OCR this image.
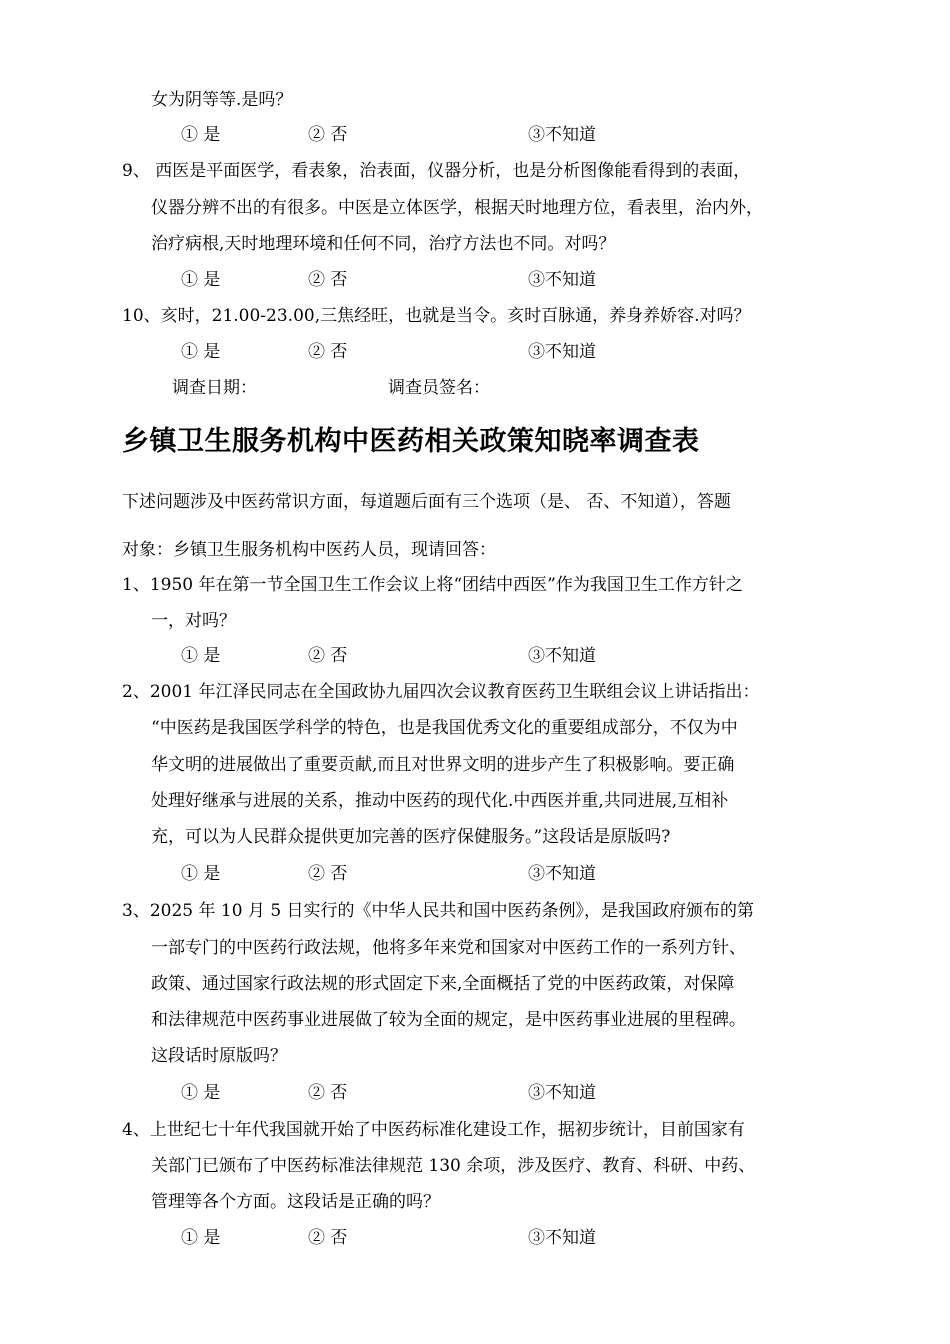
女为阴等等.是吗？
① 是	② 否	③不知道
9、 西医是平面医学，看表象，治表面，仪器分析，也是分析图像能看得到的表面，
仪器分辨不出的有很多。中医是立体医学，根据天时地理方位，看表里，治内外，
治疗病根,天时地理环境和任何不同，治疗方法也不同。对吗？
① 是	② 否	③不知道
10、亥时，21.00-23.00,三焦经旺，也就是当令。亥时百脉通，养身养娇容.对吗？
① 是	② 否	③不知道
调查日期：	调查员签名：
乡镇卫生服务机构中医药相关政策知晓率调查表
下述问题涉及中医药常识方面，每道题后面有三个选项（是、 否、不知道），答题
对象：乡镇卫生服务机构中医药人员，现请回答：
1、1950 年在第一节全国卫生工作会议上将“团结中西医”作为我国卫生工作方针之
一，对吗？
① 是	② 否	③不知道
2、2001 年江泽民同志在全国政协九届四次会议教育医药卫生联组会议上讲话指出：
“中医药是我国医学科学的特色，也是我国优秀文化的重要组成部分，不仅为中
华文明的进展做出了重要贡献,而且对世界文明的进步产生了积极影响。要正确
处理好继承与进展的关系，推动中医药的现代化.中西医并重,共同进展,互相补
充，可以为人民群众提供更加完善的医疗保健服务。”这段话是原版吗?
① 是	② 否	③不知道
3、2025 年 10 月 5 日实行的《中华人民共和国中医药条例》，是我国政府颁布的第
一部专门的中医药行政法规，他将多年来党和国家对中医药工作的一系列方针、
政策、通过国家行政法规的形式固定下来,全面概括了党的中医药政策，对保障
和法律规范中医药事业进展做了较为全面的规定，是中医药事业进展的里程碑。
这段话时原版吗？
① 是	② 否	③不知道
4、上世纪七十年代我国就开始了中医药标准化建设工作，据初步统计，目前国家有
关部门已颁布了中医药标准法律规范 130 余项，涉及医疗、教育、科研、中药、
管理等各个方面。这段话是正确的吗？
① 是	② 否	③不知道
